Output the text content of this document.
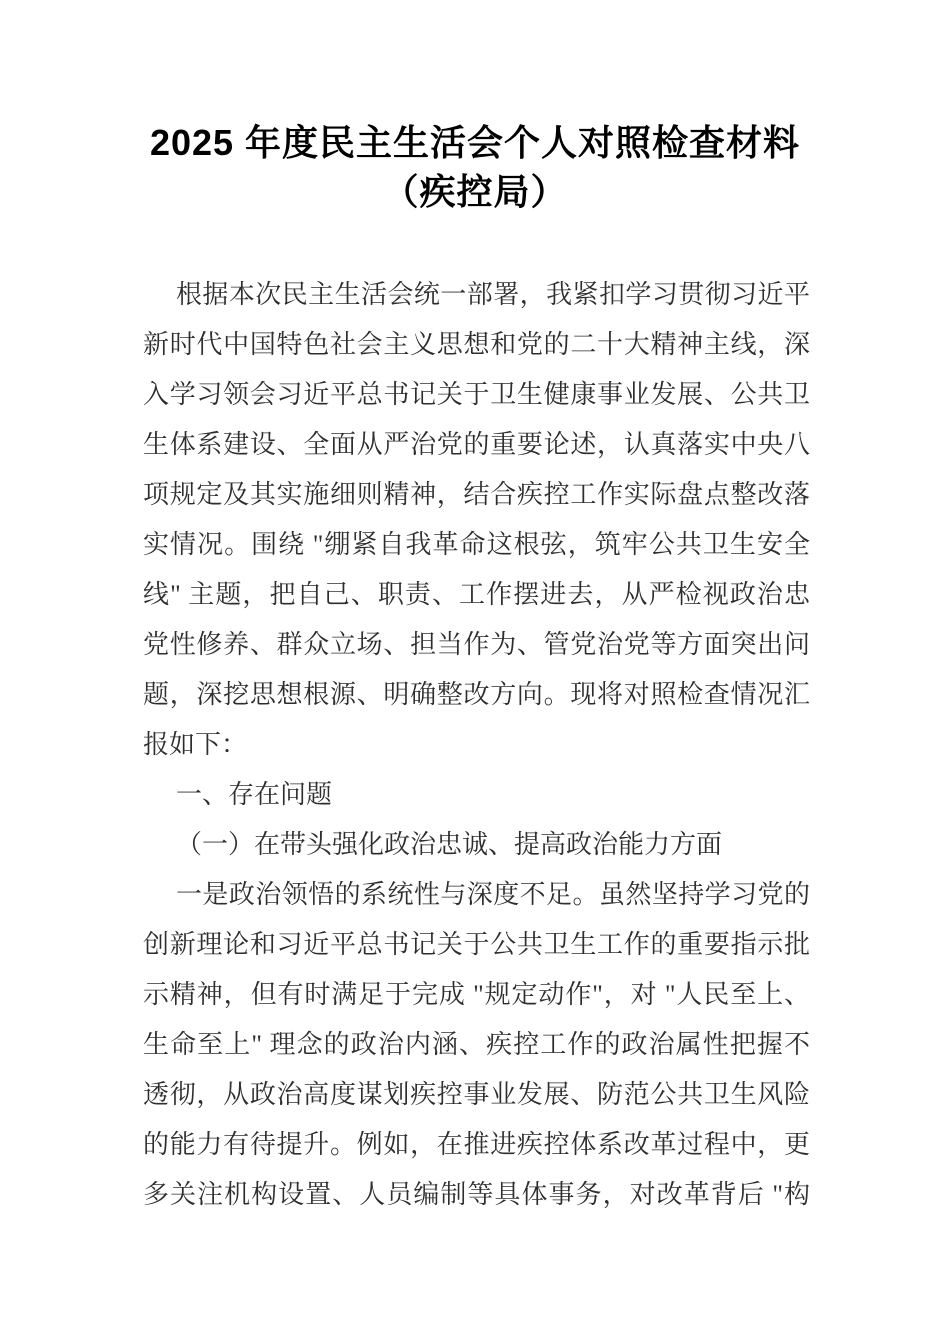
2025 年度民主生活会个人对照检查材料
（疾控局）
根据本次民主生活会统一部署，我紧扣学习贯彻习近平
新时代中国特色社会主义思想和党的二十大精神主线，深
入学习领会习近平总书记关于卫生健康事业发展、公共卫
生体系建设、全面从严治党的重要论述，认真落实中央八
项规定及其实施细则精神，结合疾控工作实际盘点整改落
实情况。围绕 "绷紧自我革命这根弦，筑牢公共卫生安全
线" 主题，把自己、职责、工作摆进去，从严检视政治忠
党性修养、群众立场、担当作为、管党治党等方面突出问
题，深挖思想根源、明确整改方向。现将对照检查情况汇
报如下：
一、存在问题
（一）在带头强化政治忠诚、提高政治能力方面
一是政治领悟的系统性与深度不足。虽然坚持学习党的
创新理论和习近平总书记关于公共卫生工作的重要指示批
示精神，但有时满足于完成 "规定动作"，对 "人民至上、
生命至上" 理念的政治内涵、疾控工作的政治属性把握不
透彻，从政治高度谋划疾控事业发展、防范公共卫生风险
的能力有待提升。例如，在推进疾控体系改革过程中，更
多关注机构设置、人员编制等具体事务，对改革背后 "构
